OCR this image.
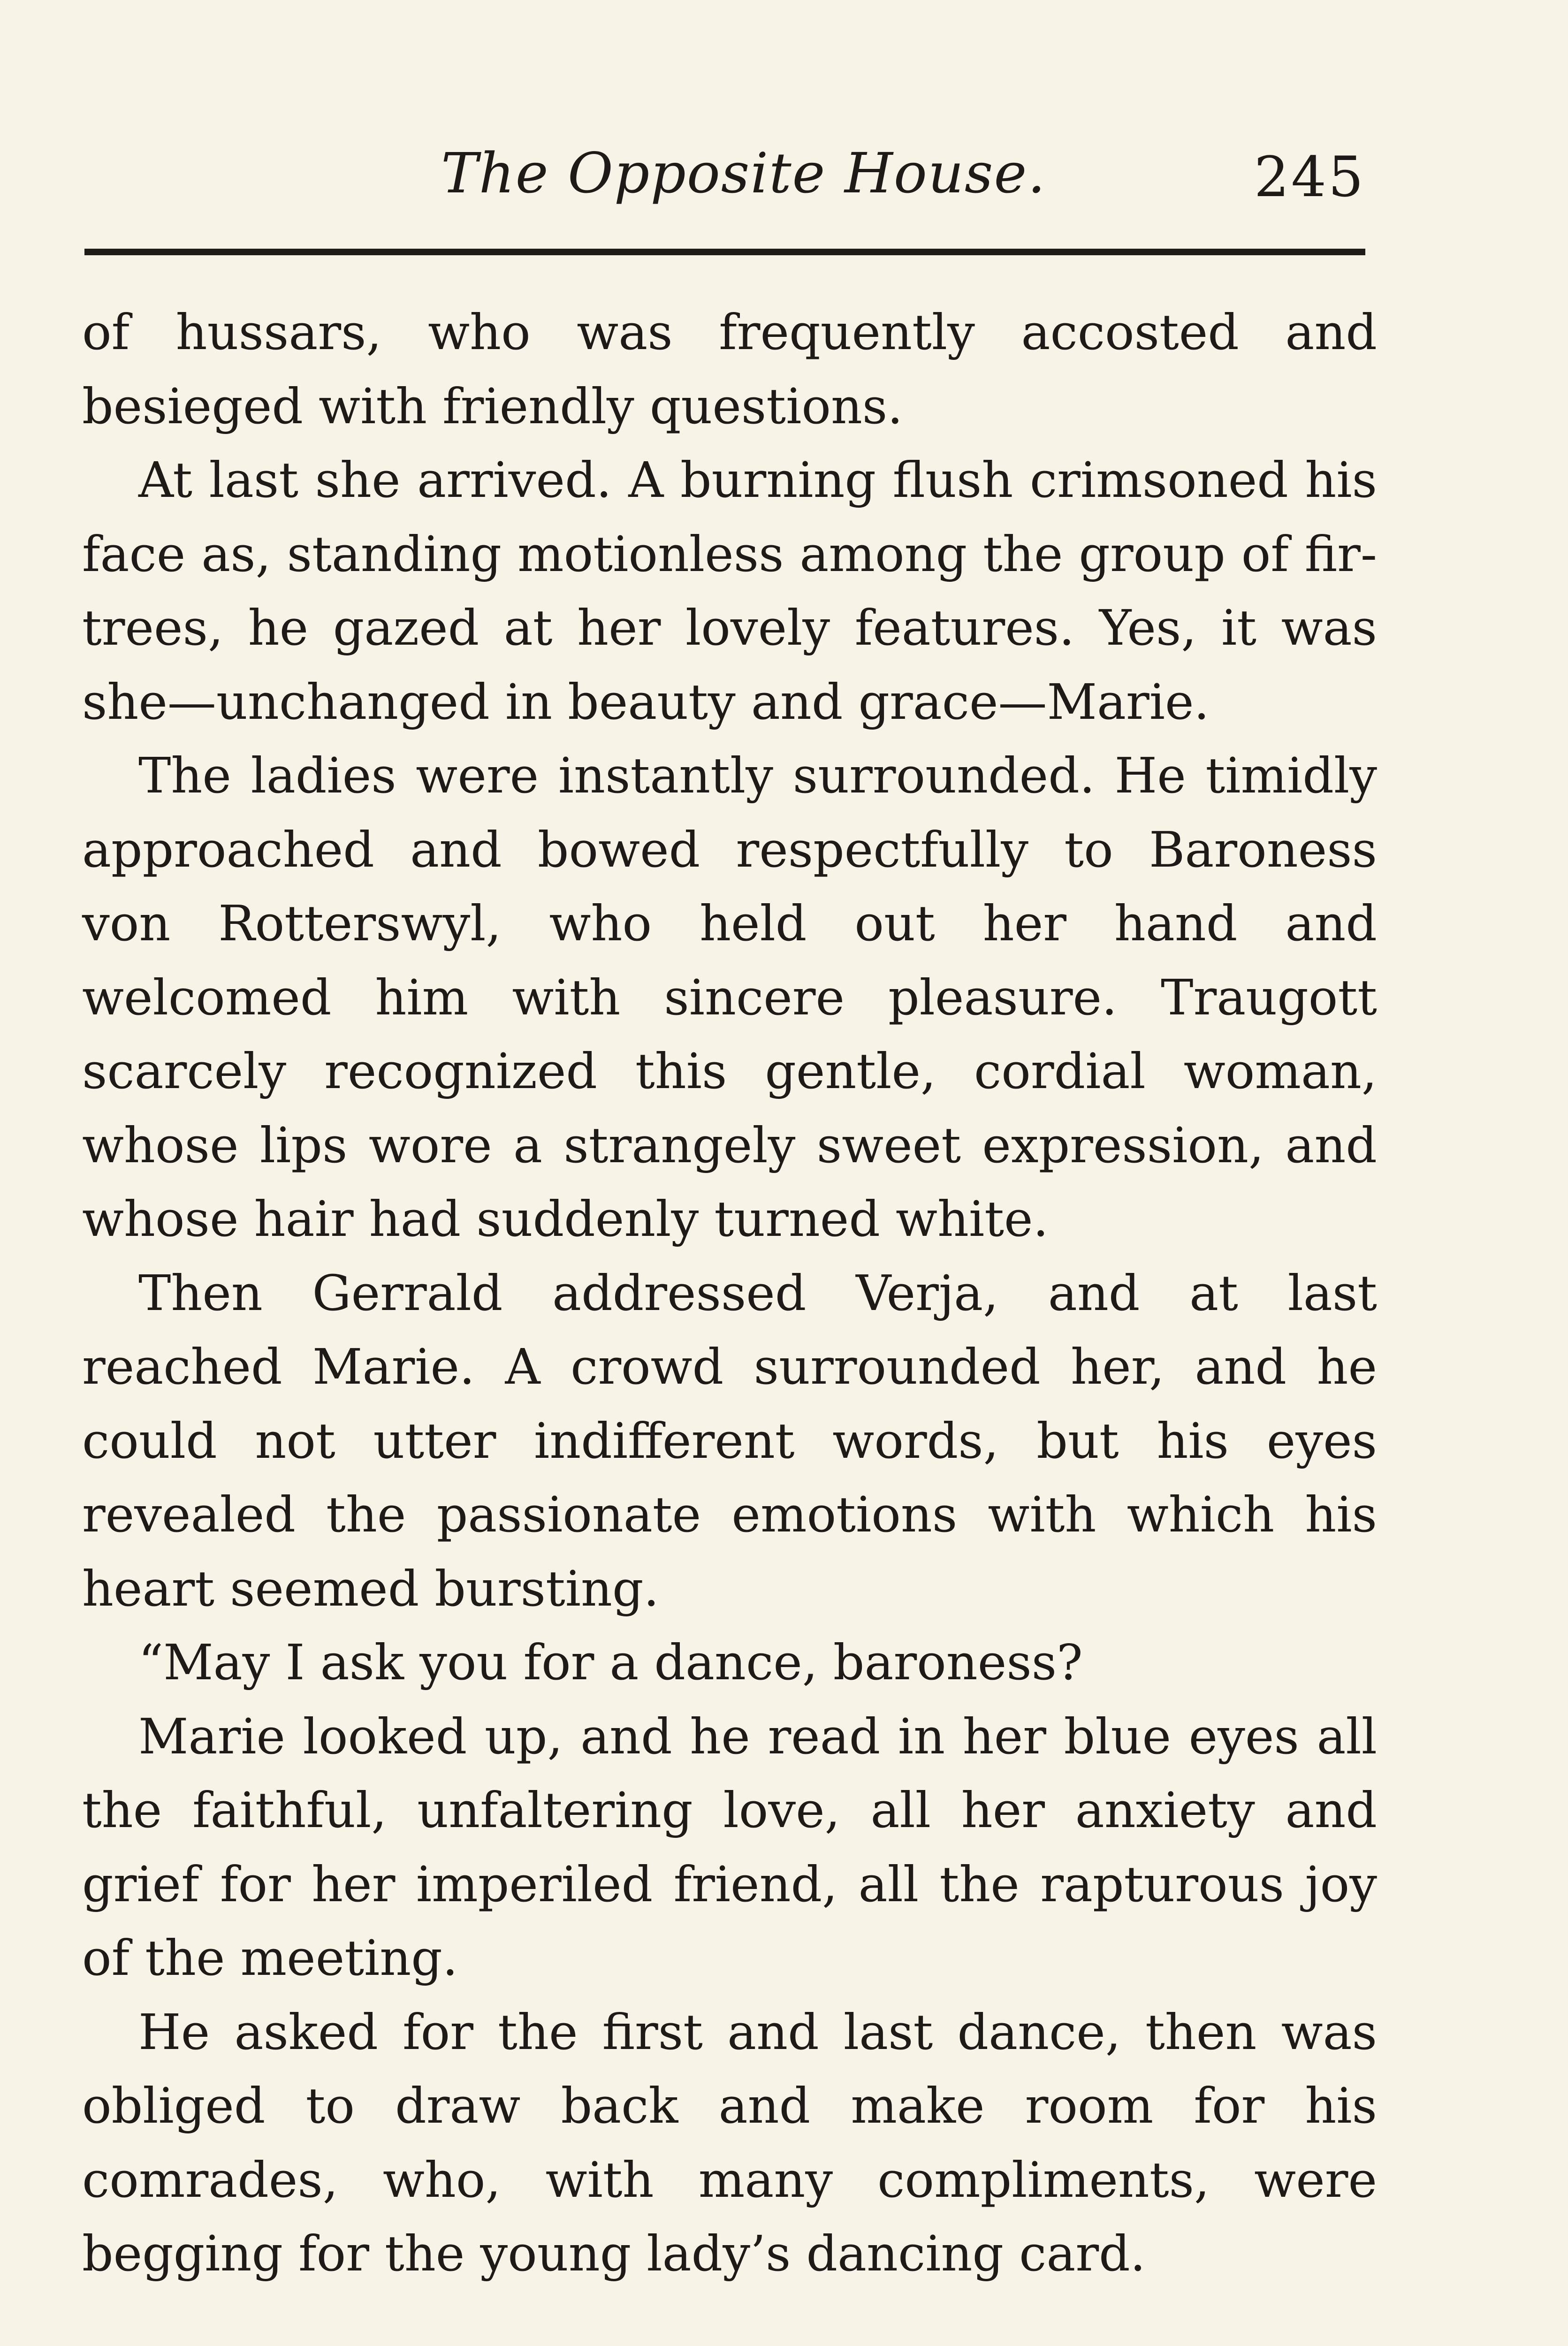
The Opposite House.	245

of hussars, who was frequently accosted and besieged with friendly questions.

At last she arrived. A burning flush crimsoned his face as, standing motionless among the group of fir-trees, he gazed at her lovely features. Yes, it was she—unchanged in beauty and grace—Marie.

The ladies were instantly surrounded. He timidly approached and bowed respectfully to Baroness von Rotterswyl, who held out her hand and welcomed him with sincere pleasure. Traugott scarcely recognized this gentle, cordial woman, whose lips wore a strangely sweet expression, and whose hair had suddenly turned white.

Then Gerrald addressed Verja, and at last reached Marie. A crowd surrounded her, and he could not utter indifferent words, but his eyes revealed the passionate emotions with which his heart seemed bursting.

“May I ask you for a dance, baroness?

Marie looked up, and he read in her blue eyes all the faithful, unfaltering love, all her anxiety and grief for her imperiled friend, all the rapturous joy of the meeting.

He asked for the first and last dance, then was obliged to draw back and make room for his comrades, who, with many compliments, were begging for the young lady’s dancing card.
